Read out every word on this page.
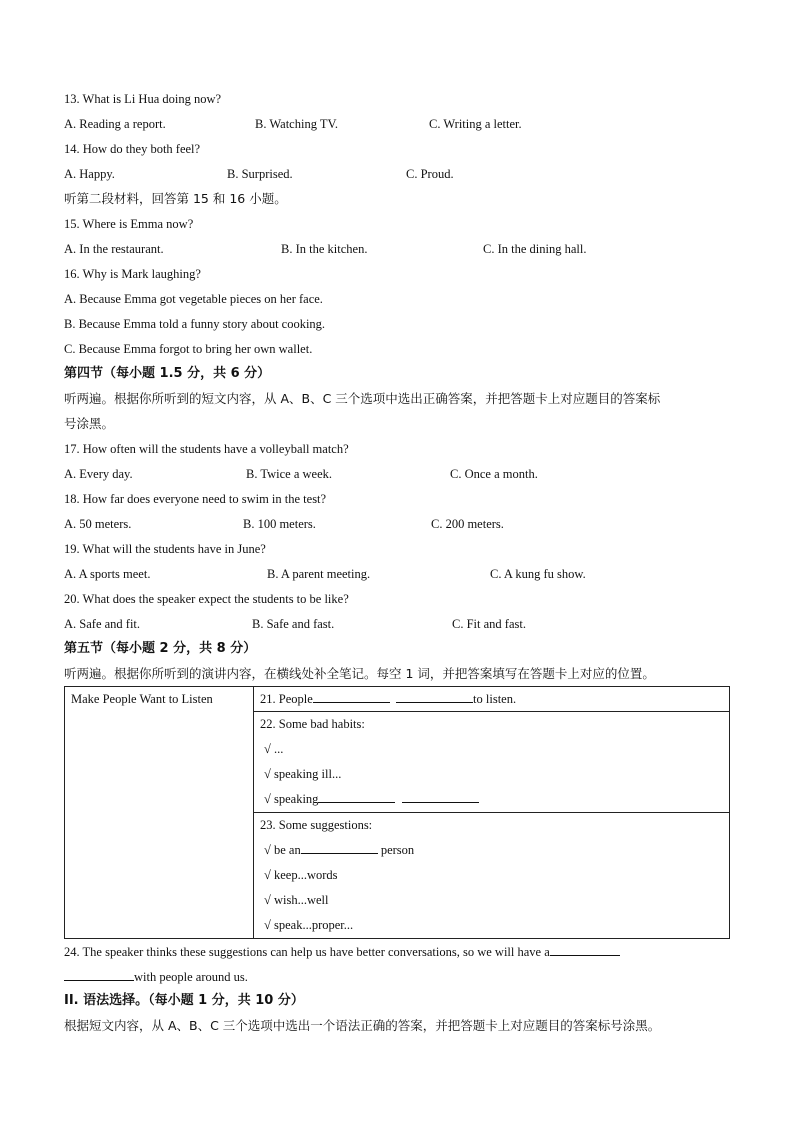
13. What is Li Hua doing now?
A. Reading a report.	B. Watching TV.	C. Writing a letter.
14. How do they both feel?
A. Happy.	B. Surprised.	C. Proud.
听第二段材料，回答第 15 和 16 小题。
15. Where is Emma now?
A. In the restaurant.	B. In the kitchen.	C. In the dining hall.
16. Why is Mark laughing?
A. Because Emma got vegetable pieces on her face.
B. Because Emma told a funny story about cooking.
C. Because Emma forgot to bring her own wallet.
第四节（每小题 1.5 分，共 6 分）
听两遍。根据你所听到的短文内容，从 A、B、C 三个选项中选出正确答案，并把答题卡上对应题目的答案标
号涂黑。
17. How often will the students have a volleyball match?
A. Every day.	B. Twice a week.	C. Once a month.
18. How far does everyone need to swim in the test?
A. 50 meters.	B. 100 meters.	C. 200 meters.
19. What will the students have in June?
A. A sports meet.	B. A parent meeting.	C. A kung fu show.
20. What does the speaker expect the students to be like?
A. Safe and fit.	B. Safe and fast.	C. Fit and fast.
第五节（每小题 2 分，共 8 分）
听两遍。根据你所听到的演讲内容，在横线处补全笔记。每空 1 词，并把答案填写在答题卡上对应的位置。
Make People Want to Listen	21. People	to listen.

22. Some bad habits:
√ ...
√ speaking ill...
√ speaking

23. Some suggestions:
√ be an	person
√ keep...words
√ wish...well
√ speak...proper...
24. The speaker thinks these suggestions can help us have better conversations, so we will have a
with people around us.
II. 语法选择。（每小题 1 分，共 10 分）
根据短文内容，从 A、B、C 三个选项中选出一个语法正确的答案，并把答题卡上对应题目的答案标号涂黑。
